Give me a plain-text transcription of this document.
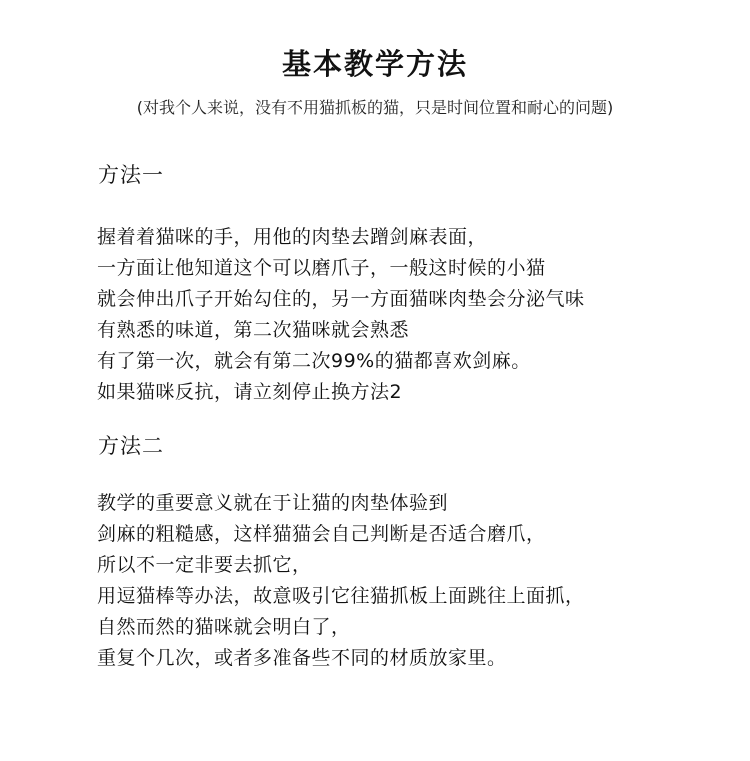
基本教学方法
(对我个人来说，没有不用猫抓板的猫，只是时间位置和耐心的问题)
方法一
握着着猫咪的手，用他的肉垫去蹭剑麻表面，
一方面让他知道这个可以磨爪子，一般这时候的小猫
就会伸出爪子开始勾住的，另一方面猫咪肉垫会分泌气味
有熟悉的味道，第二次猫咪就会熟悉
有了第一次，就会有第二次99%的猫都喜欢剑麻。
如果猫咪反抗，请立刻停止换方法2
方法二
教学的重要意义就在于让猫的肉垫体验到
剑麻的粗糙感，这样猫猫会自己判断是否适合磨爪，
所以不一定非要去抓它，
用逗猫棒等办法，故意吸引它往猫抓板上面跳往上面抓，
自然而然的猫咪就会明白了，
重复个几次，或者多准备些不同的材质放家里。
